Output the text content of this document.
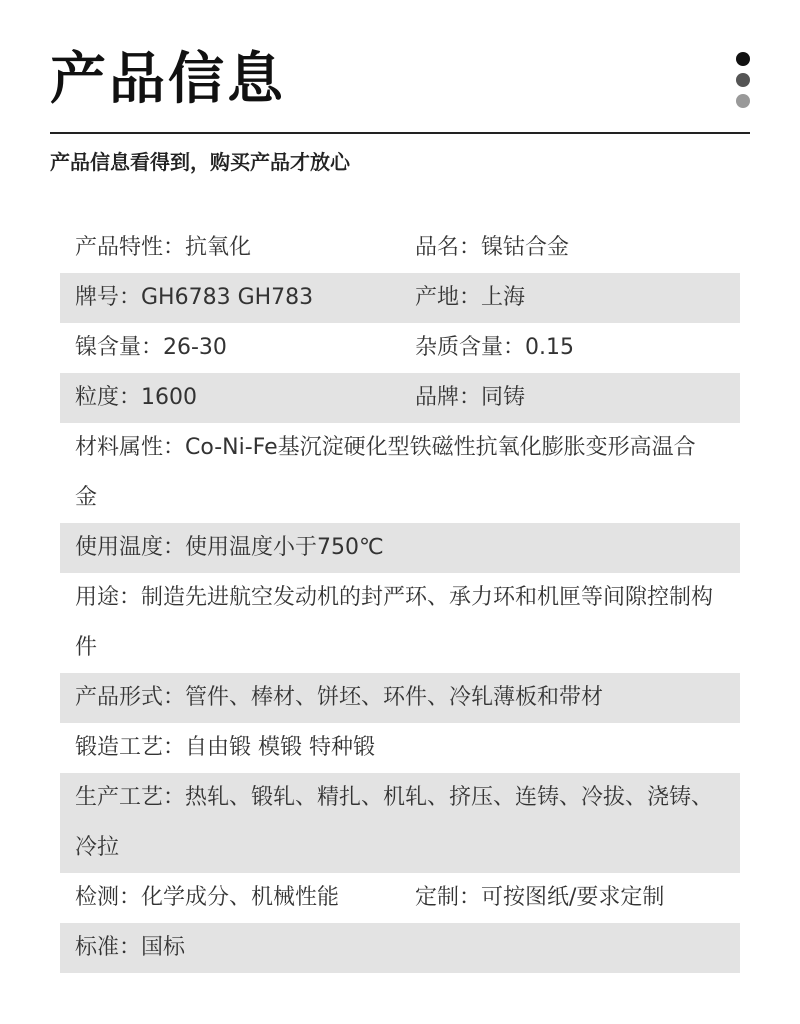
产品信息
产品信息看得到，购买产品才放心
产品特性：抗氧化	品名：镍钴合金
牌号：GH6783 GH783	产地：上海
镍含量：26-30	杂质含量：0.15
粒度：1600	品牌：同铸
材料属性：Co-Ni-Fe基沉淀硬化型铁磁性抗氧化膨胀变形高温合金
使用温度：使用温度小于750℃
用途：制造先进航空发动机的封严环、承力环和机匣等间隙控制构件
产品形式：管件、棒材、饼坯、环件、冷轧薄板和带材
锻造工艺：自由锻 模锻 特种锻
生产工艺：热轧、锻轧、精扎、机轧、挤压、连铸、冷拔、浇铸、冷拉
检测：化学成分、机械性能	定制：可按图纸/要求定制
标准：国标
